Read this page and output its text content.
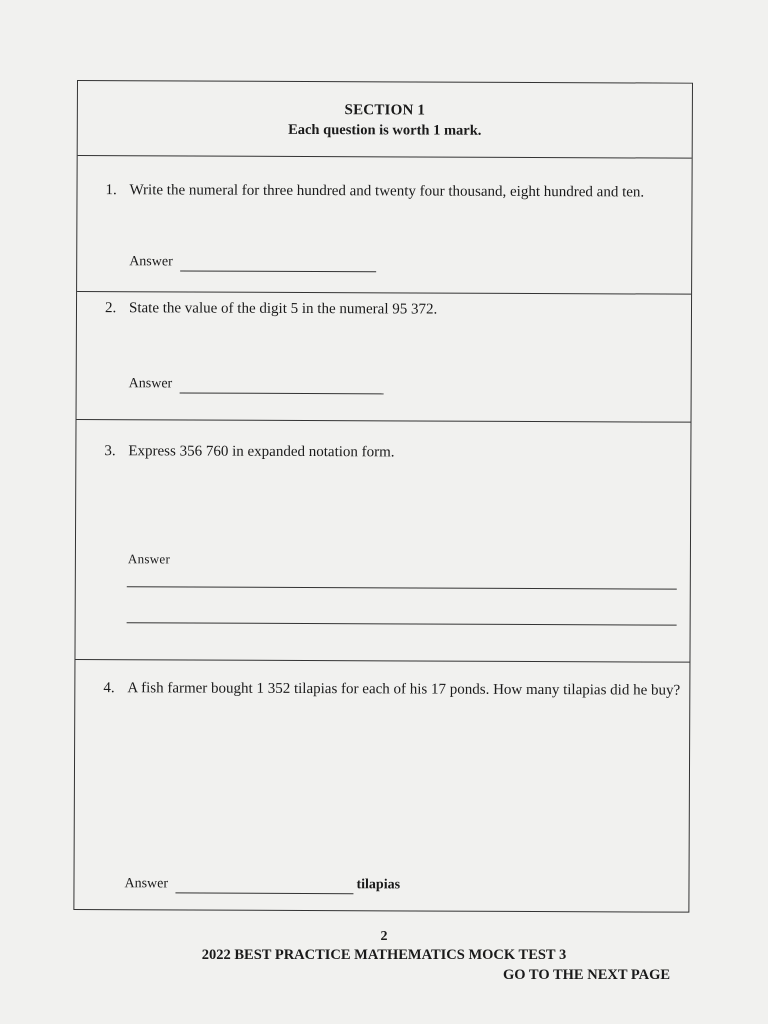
SECTION 1
Each question is worth 1 mark.
1. Write the numeral for three hundred and twenty four thousand, eight hundred and ten.
Answer
2. State the value of the digit 5 in the numeral 95 372.
Answer
3. Express 356 760 in expanded notation form.
Answer
4. A fish farmer bought 1 352 tilapias for each of his 17 ponds. How many tilapias did he buy?
Answer	tilapias
2
2022 BEST PRACTICE MATHEMATICS MOCK TEST 3
GO TO THE NEXT PAGE
